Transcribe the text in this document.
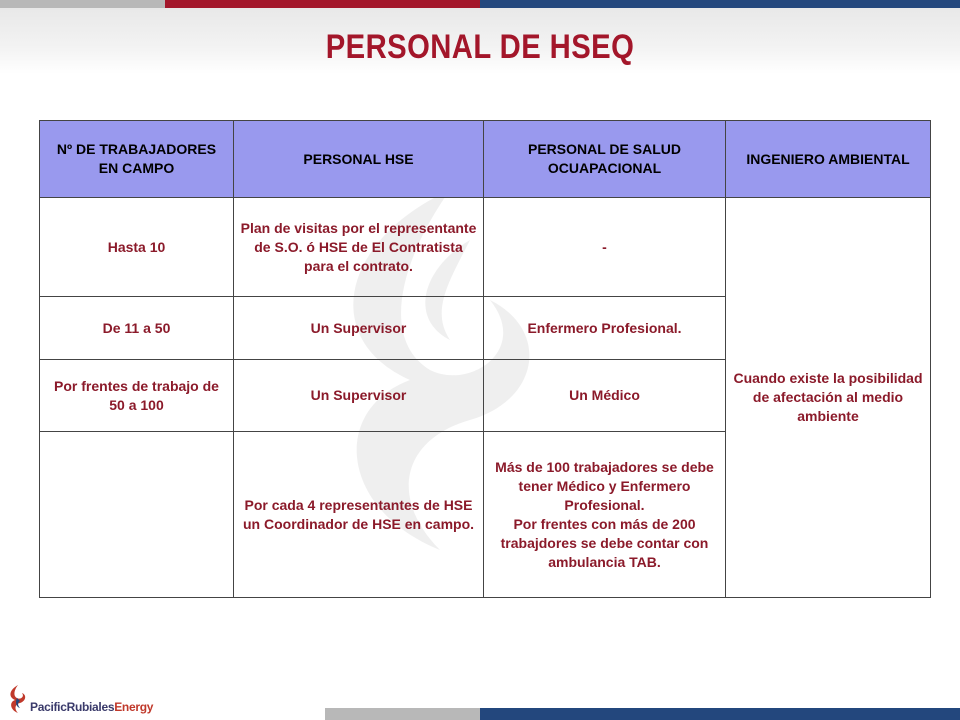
PERSONAL DE HSEQ
Nº DE TRABAJADORES EN CAMPO	PERSONAL HSE	PERSONAL DE SALUD OCUAPACIONAL	INGENIERO AMBIENTAL
Hasta 10	Plan de visitas por el representante de S.O. ó HSE de El Contratista para el contrato.	-	Cuando existe la posibilidad de afectación al medio ambiente
De 11 a 50	Un Supervisor	Enfermero Profesional.	
Por frentes de trabajo de 50 a 100	Un Supervisor	Un Médico	
	Por cada 4 representantes de HSE un Coordinador de HSE en campo.	Más de 100 trabajadores se debe tener Médico y Enfermero Profesional.
Por frentes con más de 200 trabajdores se debe contar con ambulancia TAB.	
PacificRubialesEnergy
